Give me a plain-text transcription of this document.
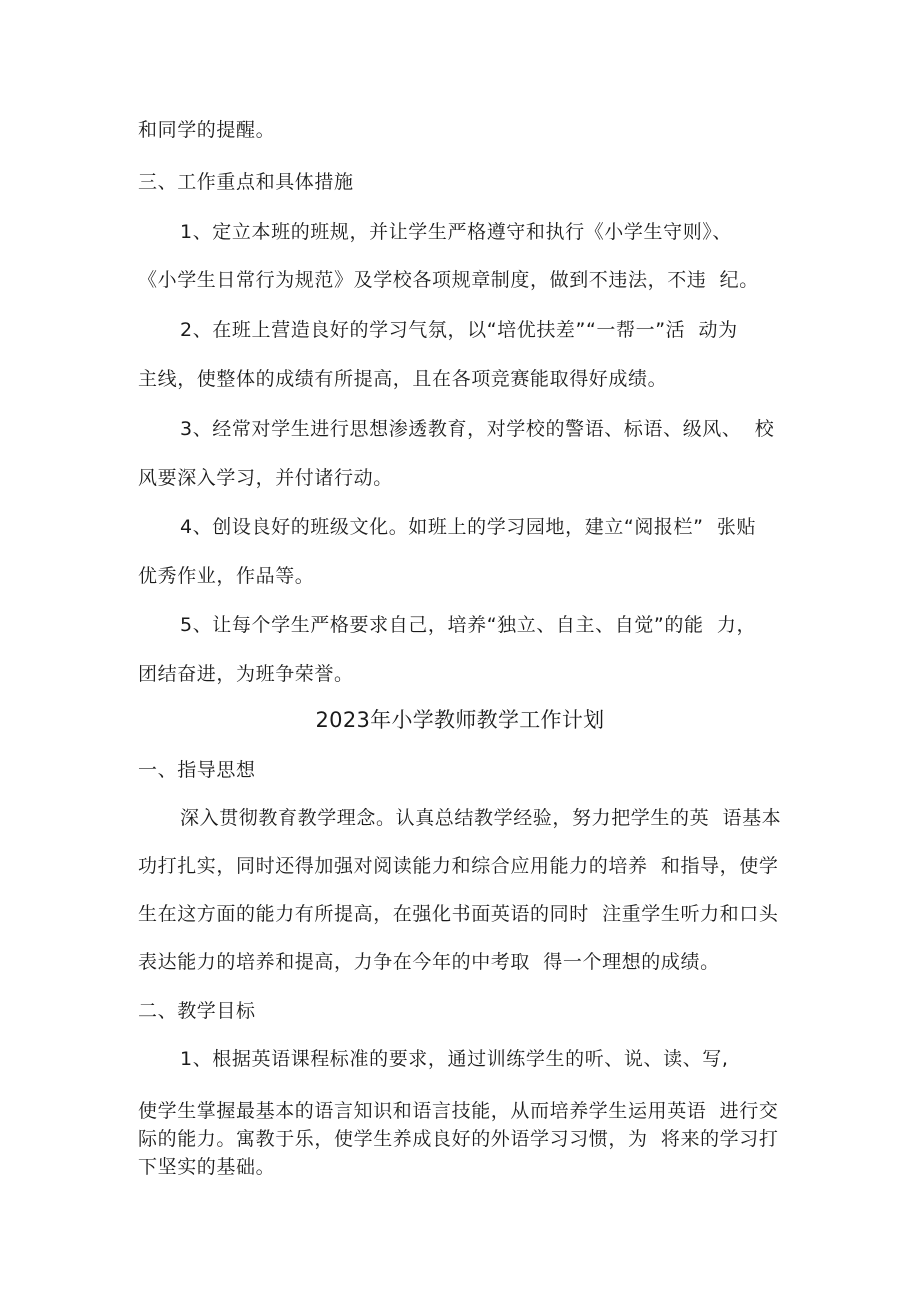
和同学的提醒。
三、工作重点和具体措施
1、定立本班的班规，并让学生严格遵守和执行《小学生守则》、
《小学生日常行为规范》及学校各项规章制度，做到不违法，不违  纪。
2、在班上营造良好的学习气氛，以“培优扶差”“一帮一”活  动为
主线，使整体的成绩有所提高，且在各项竞赛能取得好成绩。
3、经常对学生进行思想渗透教育，对学校的警语、标语、级风、  校
风要深入学习，并付诸行动。
4、创设良好的班级文化。如班上的学习园地，建立“阅报栏”  张贴
优秀作业，作品等。
5、让每个学生严格要求自己，培养“独立、自主、自觉”的能  力，
团结奋进，为班争荣誉。
2023年小学教师教学工作计划
一、指导思想
深入贯彻教育教学理念。认真总结教学经验，努力把学生的英  语基本
功打扎实，同时还得加强对阅读能力和综合应用能力的培养  和指导，使学
生在这方面的能力有所提高，在强化书面英语的同时  注重学生听力和口头
表达能力的培养和提高，力争在今年的中考取  得一个理想的成绩。
二、教学目标
1、根据英语课程标准的要求，通过训练学生的听、说、读、写,
使学生掌握最基本的语言知识和语言技能，从而培养学生运用英语  进行交
际的能力。寓教于乐，使学生养成良好的外语学习习惯，为  将来的学习打
下坚实的基础。
